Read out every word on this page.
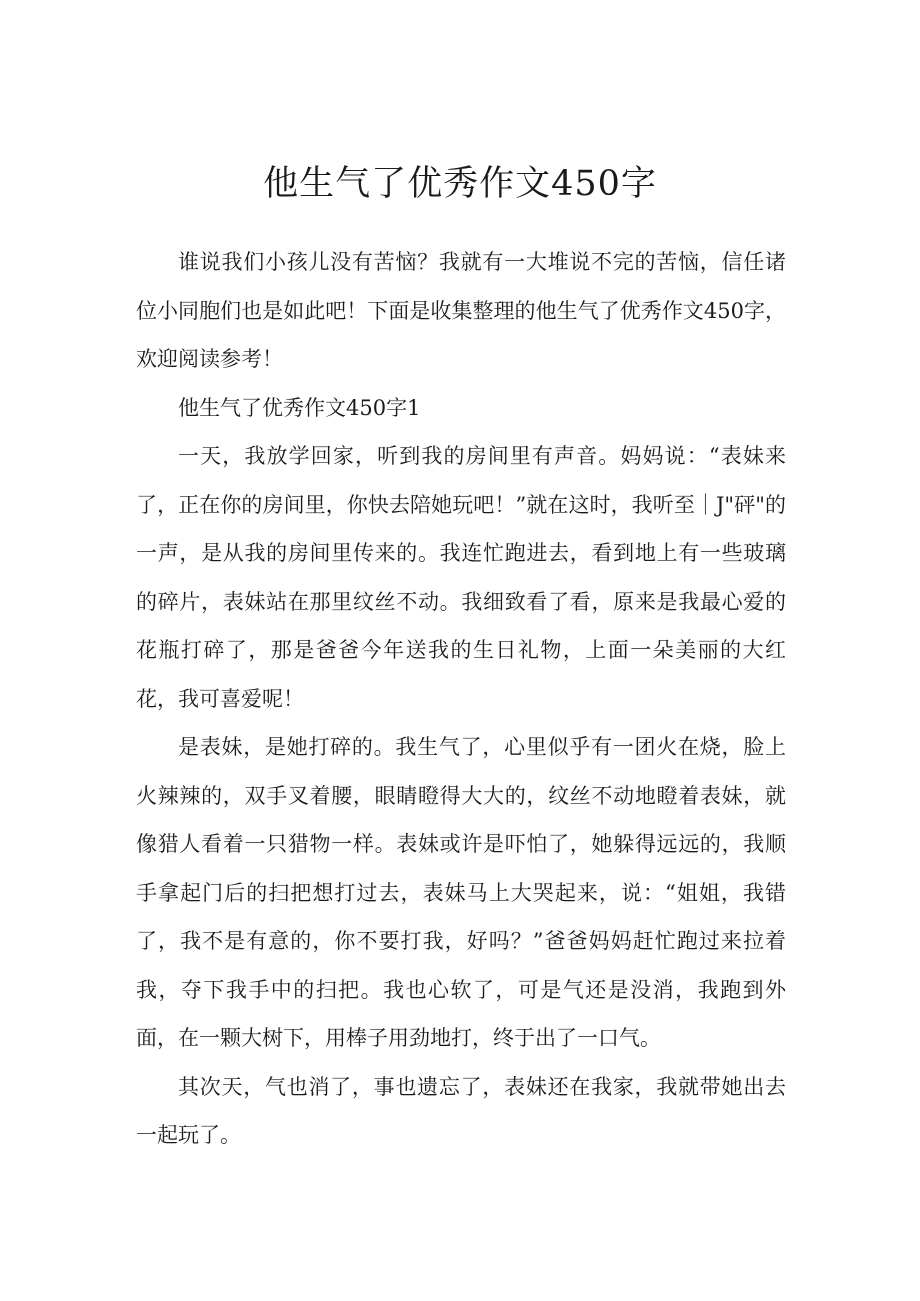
他生气了优秀作文450字

谁说我们小孩儿没有苦恼？我就有一大堆说不完的苦恼，信任诸位小同胞们也是如此吧！下面是收集整理的他生气了优秀作文450字，欢迎阅读参考！

他生气了优秀作文450字1

一天，我放学回家，听到我的房间里有声音。妈妈说：“表妹来了，正在你的房间里，你快去陪她玩吧！”就在这时，我听至｜J"砰"的一声，是从我的房间里传来的。我连忙跑进去，看到地上有一些玻璃的碎片，表妹站在那里纹丝不动。我细致看了看，原来是我最心爱的花瓶打碎了，那是爸爸今年送我的生日礼物，上面一朵美丽的大红花，我可喜爱呢！

是表妹，是她打碎的。我生气了，心里似乎有一团火在烧，脸上火辣辣的，双手叉着腰，眼睛瞪得大大的，纹丝不动地瞪着表妹，就像猎人看着一只猎物一样。表妹或许是吓怕了，她躲得远远的，我顺手拿起门后的扫把想打过去，表妹马上大哭起来，说：“姐姐，我错了，我不是有意的，你不要打我，好吗？”爸爸妈妈赶忙跑过来拉着我，夺下我手中的扫把。我也心软了，可是气还是没消，我跑到外面，在一颗大树下，用棒子用劲地打，终于出了一口气。

其次天，气也消了，事也遗忘了，表妹还在我家，我就带她出去一起玩了。
